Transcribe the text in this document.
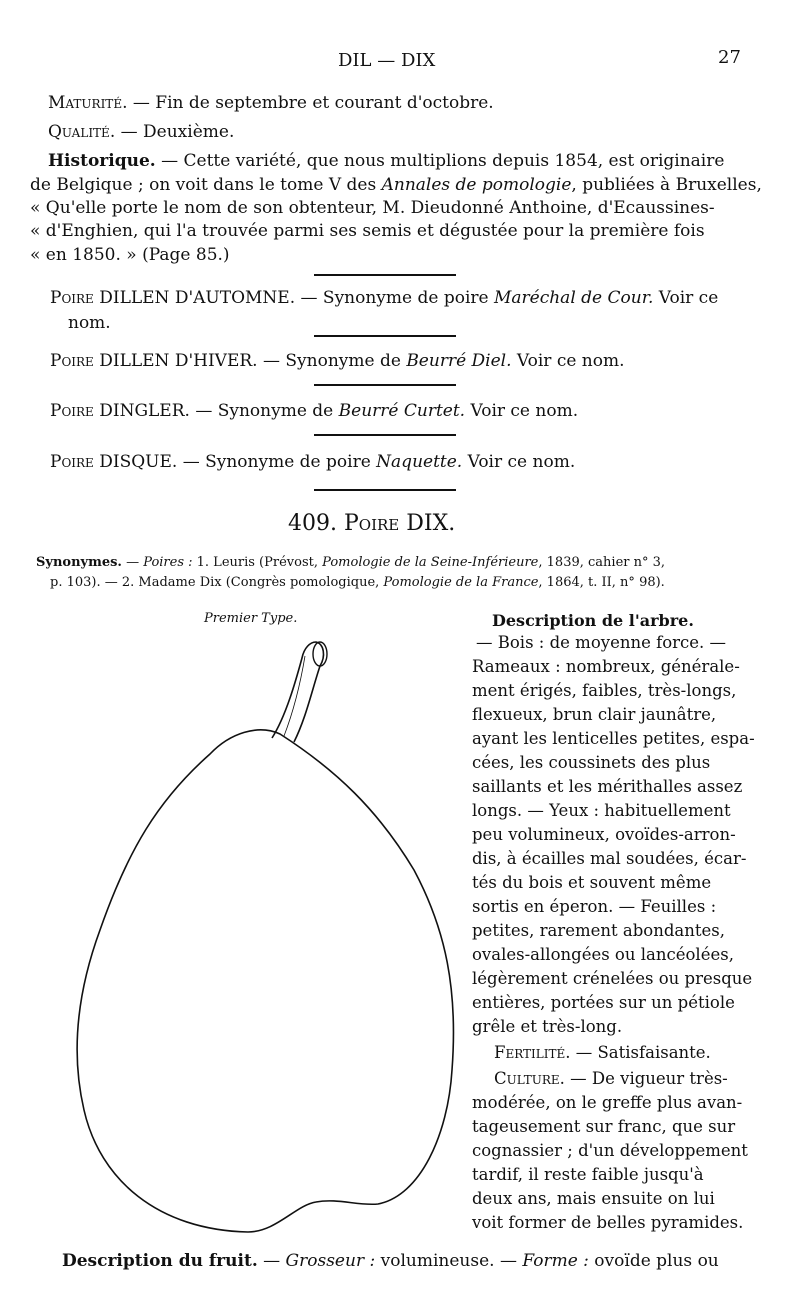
DIL — DIX	27
Maturité. — Fin de septembre et courant d'octobre.
Qualité. — Deuxième.
Historique. — Cette variété, que nous multiplions depuis 1854, est originaire
de Belgique ; on voit dans le tome V des Annales de pomologie, publiées à Bruxelles,
« Qu'elle porte le nom de son obtenteur, M. Dieudonné Anthoine, d'Ecaussines-
« d'Enghien, qui l'a trouvée parmi ses semis et dégustée pour la première fois
« en 1850. » (Page 85.)
Poire DILLEN D'AUTOMNE. — Synonyme de poire Maréchal de Cour. Voir ce
nom.
Poire DILLEN D'HIVER. — Synonyme de Beurré Diel. Voir ce nom.
Poire DINGLER. — Synonyme de Beurré Curtet. Voir ce nom.
Poire DISQUE. — Synonyme de poire Naquette. Voir ce nom.
409. Poire DIX.
Synonymes. — Poires : 1. Leuris (Prévost, Pomologie de la Seine-Inférieure, 1839, cahier n° 3,
p. 103). — 2. Madame Dix (Congrès pomologique, Pomologie de la France, 1864, t. II, n° 98).
Premier Type.	Description de l'arbre.
— Bois : de moyenne force. —
Rameaux : nombreux, générale-
ment érigés, faibles, très-longs,
flexueux, brun clair jaunâtre,
ayant les lenticelles petites, espa-
cées, les coussinets des plus
saillants et les mérithalles assez
longs. — Yeux : habituellement
peu volumineux, ovoïdes-arron-
dis, à écailles mal soudées, écar-
tés du bois et souvent même
sortis en éperon. — Feuilles :
petites, rarement abondantes,
ovales-allongées ou lancéolées,
légèrement crénelées ou presque
entières, portées sur un pétiole
grêle et très-long.
Fertilité. — Satisfaisante.
Culture. — De vigueur très-
modérée, on le greffe plus avan-
tageusement sur franc, que sur
cognassier ; d'un développement
tardif, il reste faible jusqu'à
deux ans, mais ensuite on lui
voit former de belles pyramides.
Description du fruit. — Grosseur : volumineuse. — Forme : ovoïde plus ou
